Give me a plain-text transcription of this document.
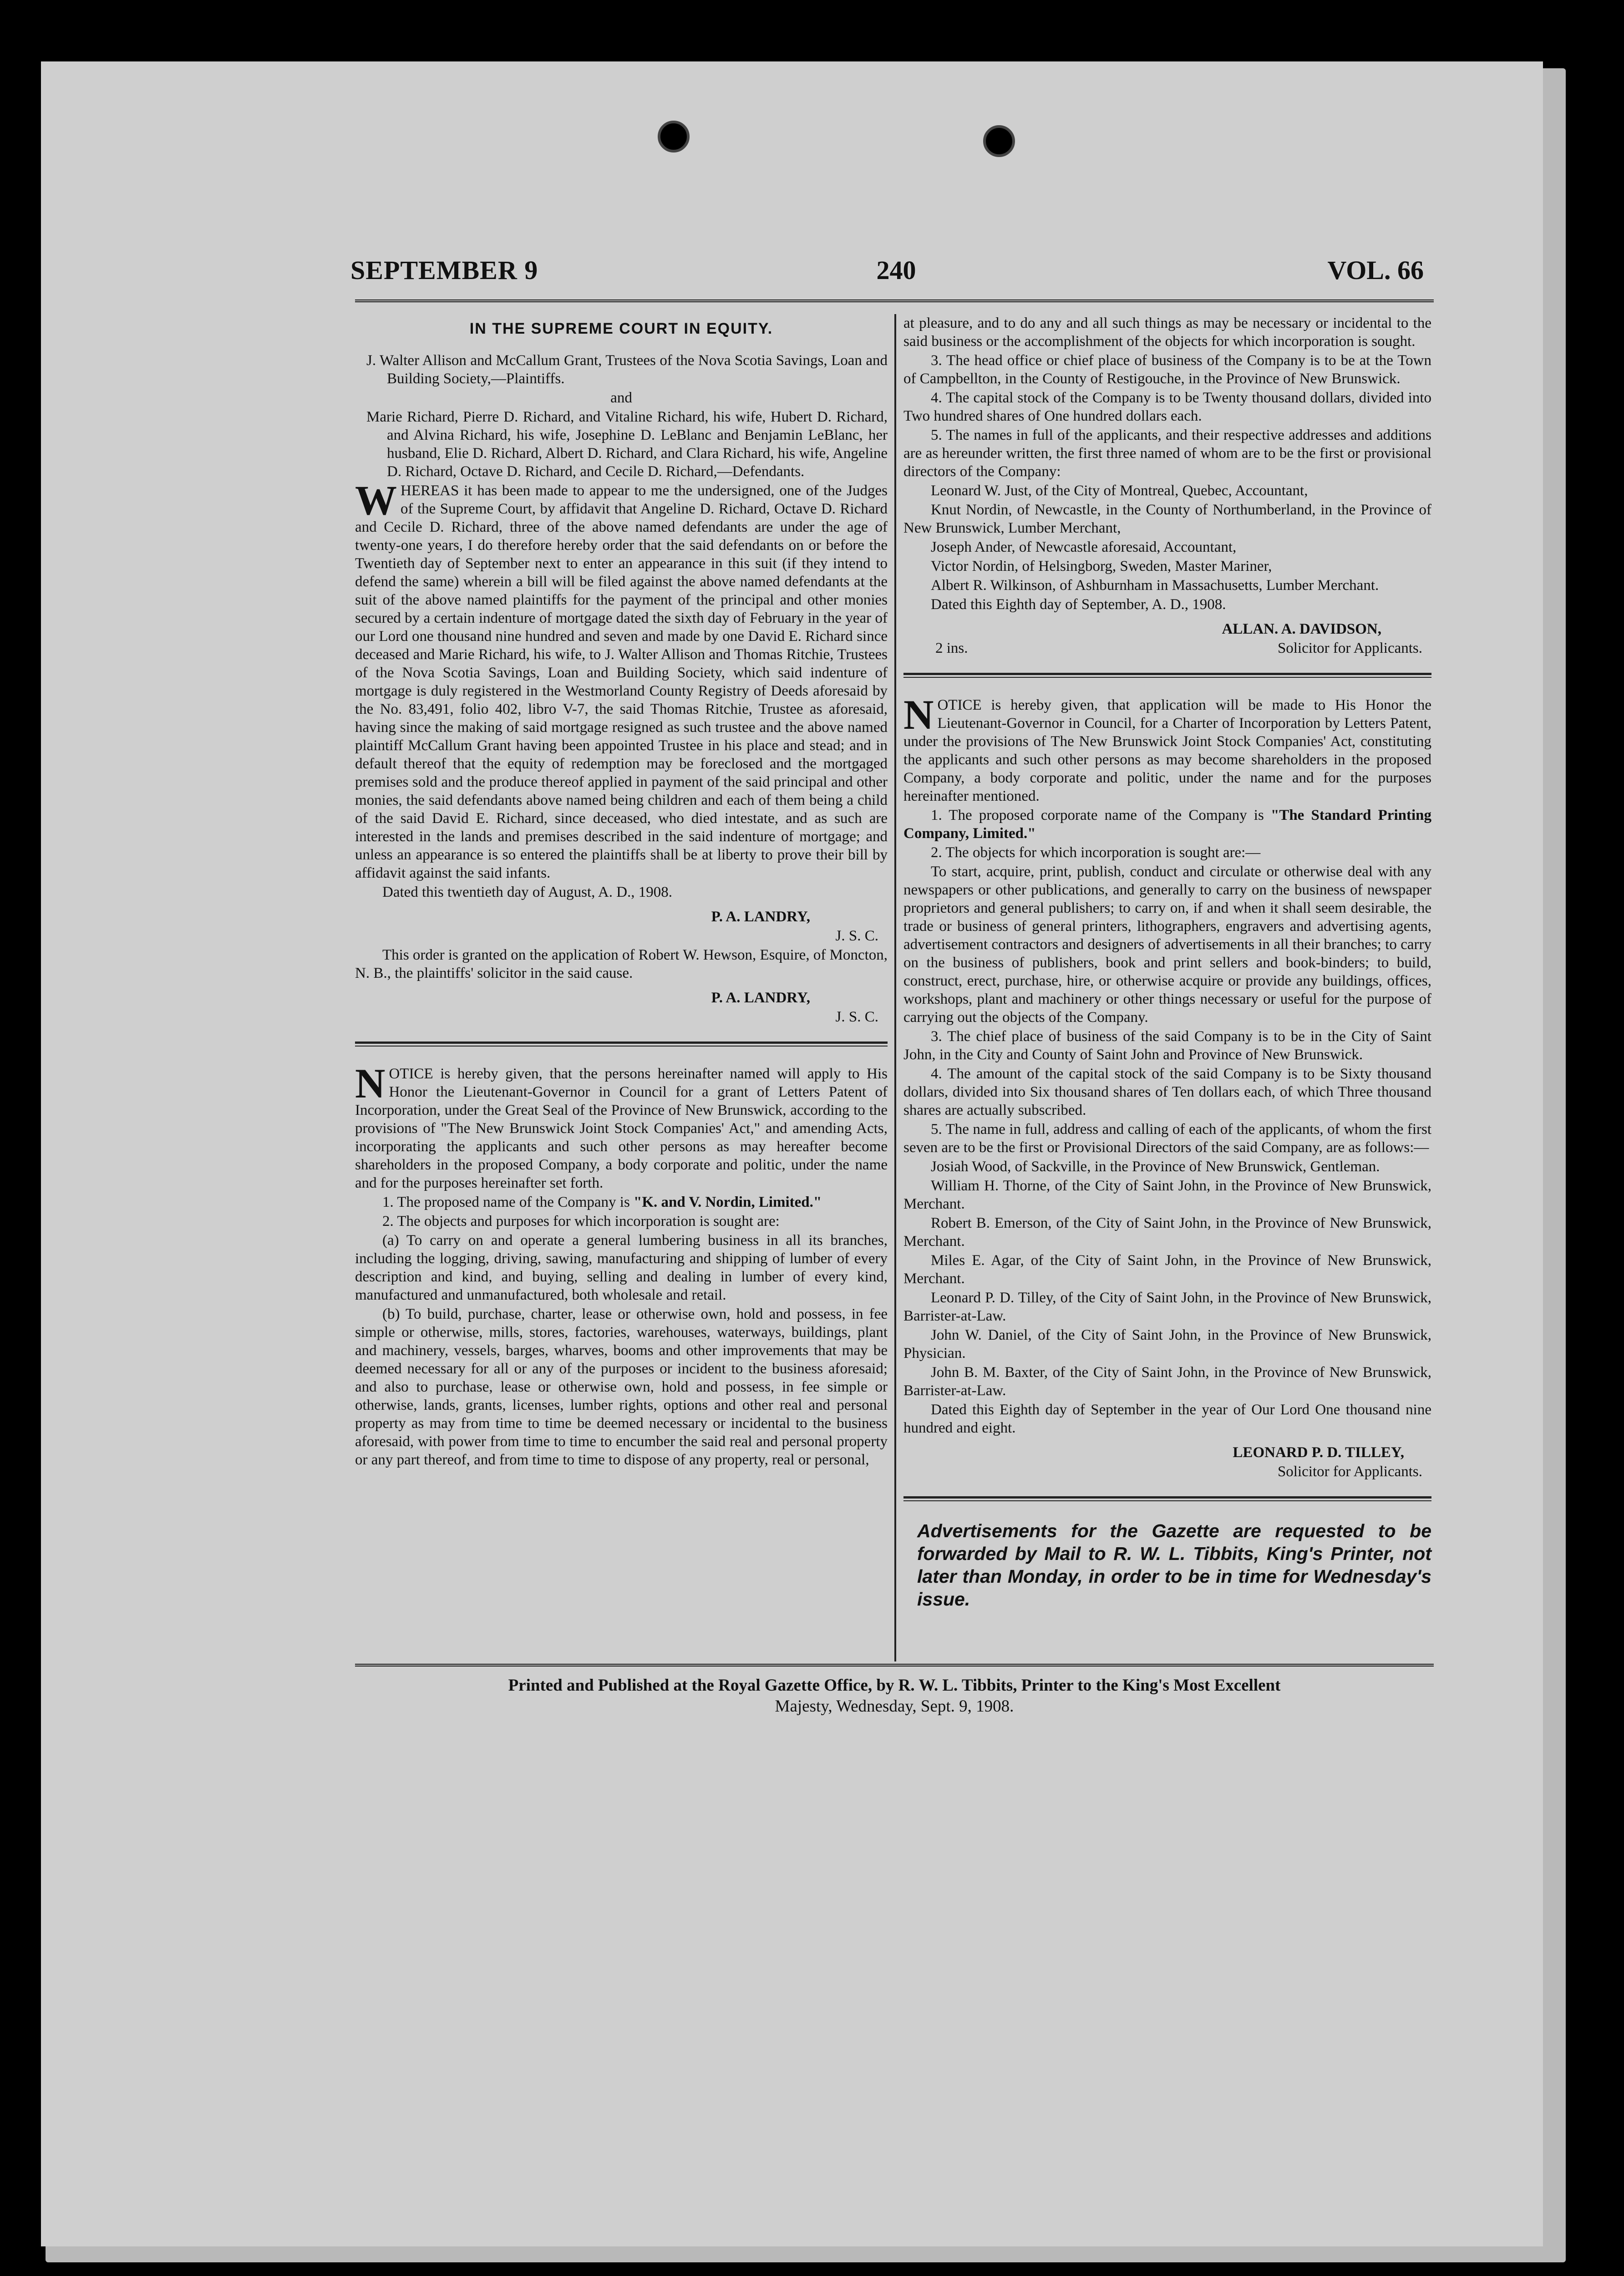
SEPTEMBER 9	240	VOL. 66
IN THE SUPREME COURT IN EQUITY.

J. Walter Allison and McCallum Grant, Trustees of the Nova Scotia Savings, Loan and Building Society,—Plaintiffs.

and

Marie Richard, Pierre D. Richard, and Vitaline Richard, his wife, Hubert D. Richard, and Alvina Richard, his wife, Josephine D. LeBlanc and Benjamin LeBlanc, her husband, Elie D. Richard, Albert D. Richard, and Clara Richard, his wife, Angeline D. Richard, Octave D. Richard, and Cecile D. Richard,—Defendants.

WHEREAS it has been made to appear to me the undersigned, one of the Judges of the Supreme Court, by affidavit that Angeline D. Richard, Octave D. Richard and Cecile D. Richard, three of the above named defendants are under the age of twenty-one years, I do therefore hereby order that the said defendants on or before the Twentieth day of September next to enter an appearance in this suit (if they intend to defend the same) wherein a bill will be filed against the above named defendants at the suit of the above named plaintiffs for the payment of the principal and other monies secured by a certain indenture of mortgage dated the sixth day of February in the year of our Lord one thousand nine hundred and seven and made by one David E. Richard since deceased and Marie Richard, his wife, to J. Walter Allison and Thomas Ritchie, Trustees of the Nova Scotia Savings, Loan and Building Society, which said indenture of mortgage is duly registered in the Westmorland County Registry of Deeds aforesaid by the No. 83,491, folio 402, libro V-7, the said Thomas Ritchie, Trustee as aforesaid, having since the making of said mortgage resigned as such trustee and the above named plaintiff McCallum Grant having been appointed Trustee in his place and stead; and in default thereof that the equity of redemption may be foreclosed and the mortgaged premises sold and the produce thereof applied in payment of the said principal and other monies, the said defendants above named being children and each of them being a child of the said David E. Richard, since deceased, who died intestate, and as such are interested in the lands and premises described in the said indenture of mortgage; and unless an appearance is so entered the plaintiffs shall be at liberty to prove their bill by affidavit against the said infants.

Dated this twentieth day of August, A. D., 1908.

P. A. LANDRY,

J. S. C.

This order is granted on the application of Robert W. Hewson, Esquire, of Moncton, N. B., the plaintiffs' solicitor in the said cause.

P. A. LANDRY,

J. S. C.

NOTICE is hereby given, that the persons hereinafter named will apply to His Honor the Lieutenant-Governor in Council for a grant of Letters Patent of Incorporation, under the Great Seal of the Province of New Brunswick, according to the provisions of "The New Brunswick Joint Stock Companies' Act," and amending Acts, incorporating the applicants and such other persons as may hereafter become shareholders in the proposed Company, a body corporate and politic, under the name and for the purposes hereinafter set forth.

1. The proposed name of the Company is "K. and V. Nordin, Limited."

2. The objects and purposes for which incorporation is sought are:

(a) To carry on and operate a general lumbering business in all its branches, including the logging, driving, sawing, manufacturing and shipping of lumber of every description and kind, and buying, selling and dealing in lumber of every kind, manufactured and unmanufactured, both wholesale and retail.

(b) To build, purchase, charter, lease or otherwise own, hold and possess, in fee simple or otherwise, mills, stores, factories, warehouses, waterways, buildings, plant and machinery, vessels, barges, wharves, booms and other improvements that may be deemed necessary for all or any of the purposes or incident to the business aforesaid; and also to purchase, lease or otherwise own, hold and possess, in fee simple or otherwise, lands, grants, licenses, lumber rights, options and other real and personal property as may from time to time be deemed necessary or incidental to the business aforesaid, with power from time to time to encumber the said real and personal property or any part thereof, and from time to time to dispose of any property, real or personal,

at pleasure, and to do any and all such things as may be necessary or incidental to the said business or the accomplishment of the objects for which incorporation is sought.

3. The head office or chief place of business of the Company is to be at the Town of Campbellton, in the County of Restigouche, in the Province of New Brunswick.

4. The capital stock of the Company is to be Twenty thousand dollars, divided into Two hundred shares of One hundred dollars each.

5. The names in full of the applicants, and their respective addresses and additions are as hereunder written, the first three named of whom are to be the first or provisional directors of the Company:

Leonard W. Just, of the City of Montreal, Quebec, Accountant,

Knut Nordin, of Newcastle, in the County of Northumberland, in the Province of New Brunswick, Lumber Merchant,

Joseph Ander, of Newcastle aforesaid, Accountant,

Victor Nordin, of Helsingborg, Sweden, Master Mariner,

Albert R. Wilkinson, of Ashburnham in Massachusetts, Lumber Merchant.

Dated this Eighth day of September, A. D., 1908.

ALLAN. A. DAVIDSON,

2 ins.	Solicitor for Applicants.

NOTICE is hereby given, that application will be made to His Honor the Lieutenant-Governor in Council, for a Charter of Incorporation by Letters Patent, under the provisions of The New Brunswick Joint Stock Companies' Act, constituting the applicants and such other persons as may become shareholders in the proposed Company, a body corporate and politic, under the name and for the purposes hereinafter mentioned.

1. The proposed corporate name of the Company is "The Standard Printing Company, Limited."

2. The objects for which incorporation is sought are:—

To start, acquire, print, publish, conduct and circulate or otherwise deal with any newspapers or other publications, and generally to carry on the business of newspaper proprietors and general publishers; to carry on, if and when it shall seem desirable, the trade or business of general printers, lithographers, engravers and advertising agents, advertisement contractors and designers of advertisements in all their branches; to carry on the business of publishers, book and print sellers and book-binders; to build, construct, erect, purchase, hire, or otherwise acquire or provide any buildings, offices, workshops, plant and machinery or other things necessary or useful for the purpose of carrying out the objects of the Company.

3. The chief place of business of the said Company is to be in the City of Saint John, in the City and County of Saint John and Province of New Brunswick.

4. The amount of the capital stock of the said Company is to be Sixty thousand dollars, divided into Six thousand shares of Ten dollars each, of which Three thousand shares are actually subscribed.

5. The name in full, address and calling of each of the applicants, of whom the first seven are to be the first or Provisional Directors of the said Company, are as follows:—

Josiah Wood, of Sackville, in the Province of New Brunswick, Gentleman.

William H. Thorne, of the City of Saint John, in the Province of New Brunswick, Merchant.

Robert B. Emerson, of the City of Saint John, in the Province of New Brunswick, Merchant.

Miles E. Agar, of the City of Saint John, in the Province of New Brunswick, Merchant.

Leonard P. D. Tilley, of the City of Saint John, in the Province of New Brunswick, Barrister-at-Law.

John W. Daniel, of the City of Saint John, in the Province of New Brunswick, Physician.

John B. M. Baxter, of the City of Saint John, in the Province of New Brunswick, Barrister-at-Law.

Dated this Eighth day of September in the year of Our Lord One thousand nine hundred and eight.

LEONARD P. D. TILLEY,

Solicitor for Applicants.

Advertisements for the Gazette are requested to be forwarded by Mail to R. W. L. Tibbits, King's Printer, not later than Monday, in order to be in time for Wednesday's issue.

Printed and Published at the Royal Gazette Office, by R. W. L. Tibbits, Printer to the King's Most Excellent
Majesty, Wednesday, Sept. 9, 1908.
